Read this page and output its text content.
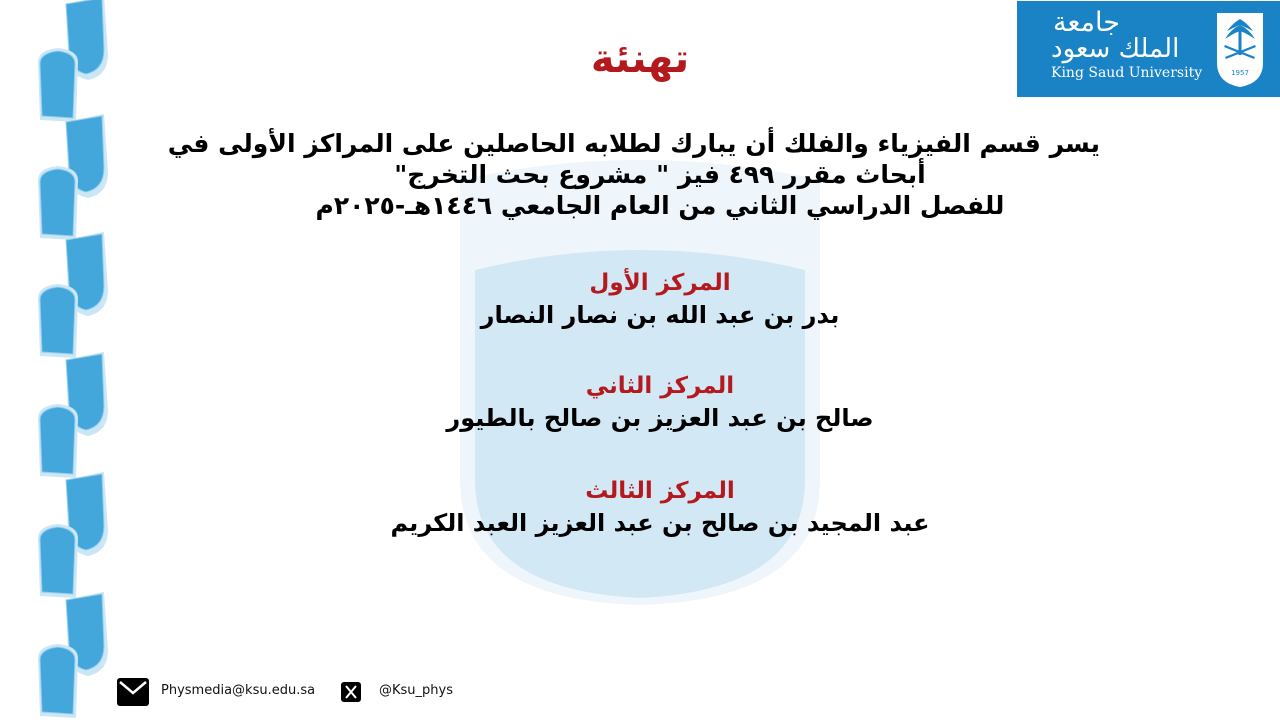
جامعة
الملك سعود
King Saud University	1957
تهنئة
يسر قسم الفيزياء والفلك أن يبارك لطلابه الحاصلين على المراكز الأولى في
أبحاث مقرر ٤٩٩ فيز " مشروع بحث التخرج"
للفصل الدراسي الثاني من العام الجامعي ١٤٤٦هـ-٢٠٢٥م
المركز الأول
بدر بن عبد الله بن نصار النصار
المركز الثاني
صالح بن عبد العزيز بن صالح بالطيور
المركز الثالث
عبد المجيد بن صالح بن عبد العزيز العبد الكريم
Physmedia@ksu.edu.sa	@Ksu_phys
